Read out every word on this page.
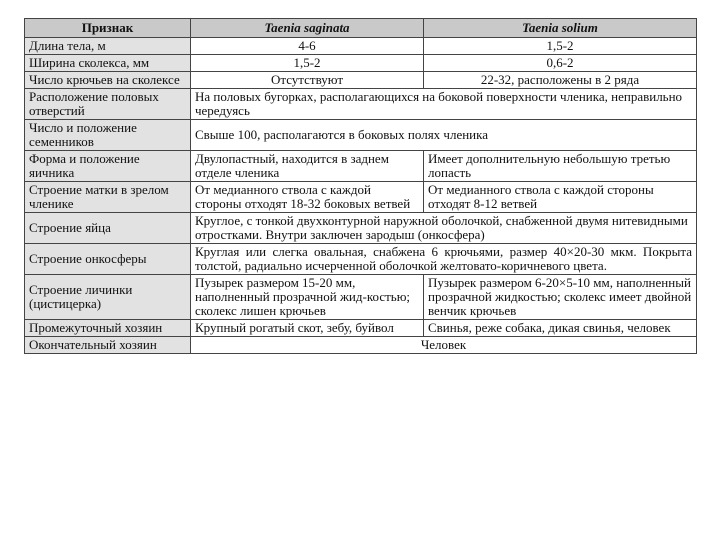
Признак	Taenia saginata	Taenia solium
Длина тела, м	4-6	1,5-2
Ширина сколекса, мм	1,5-2	0,6-2
Число крючьев на сколексе	Отсутствуют	22-32, расположены в 2 ряда
Расположение половых отверстий	На половых бугорках, располагающихся на боковой поверхности членика, неправильно чередуясь	
Число и положение семенников	Свыше 100, располагаются в боковых полях членика	
Форма и положение яичника	Двулопастный, находится в заднем отделе членика	Имеет дополнительную небольшую третью лопасть
Строение матки в зрелом членике	От медианного ствола с каждой стороны отходят 18-32 боковых ветвей	От медианного ствола с каждой стороны отходят 8-12 ветвей
Строение яйца	Круглое, с тонкой двухконтурной наружной оболочкой, снабженной двумя нитевидными отростками. Внутри заключен зародыш (онкосфера)	
Строение онкосферы	Круглая или слегка овальная, снабжена 6 крючьями, размер 40×20-30 мкм. Покрыта толстой, радиально исчерченной оболочкой желтовато-коричневого цвета.	
Строение личинки (цистицерка)	Пузырек размером 15-20 мм, наполненный прозрачной жид-костью; сколекс лишен крючьев	Пузырек размером 6-20×5-10 мм, наполненный прозрачной жидкостью; сколекс имеет двойной венчик крючьев
Промежуточный хозяин	Крупный рогатый скот, зебу, буйвол	Свинья, реже собака, дикая свинья, человек
Окончательный хозяин	Человек	
